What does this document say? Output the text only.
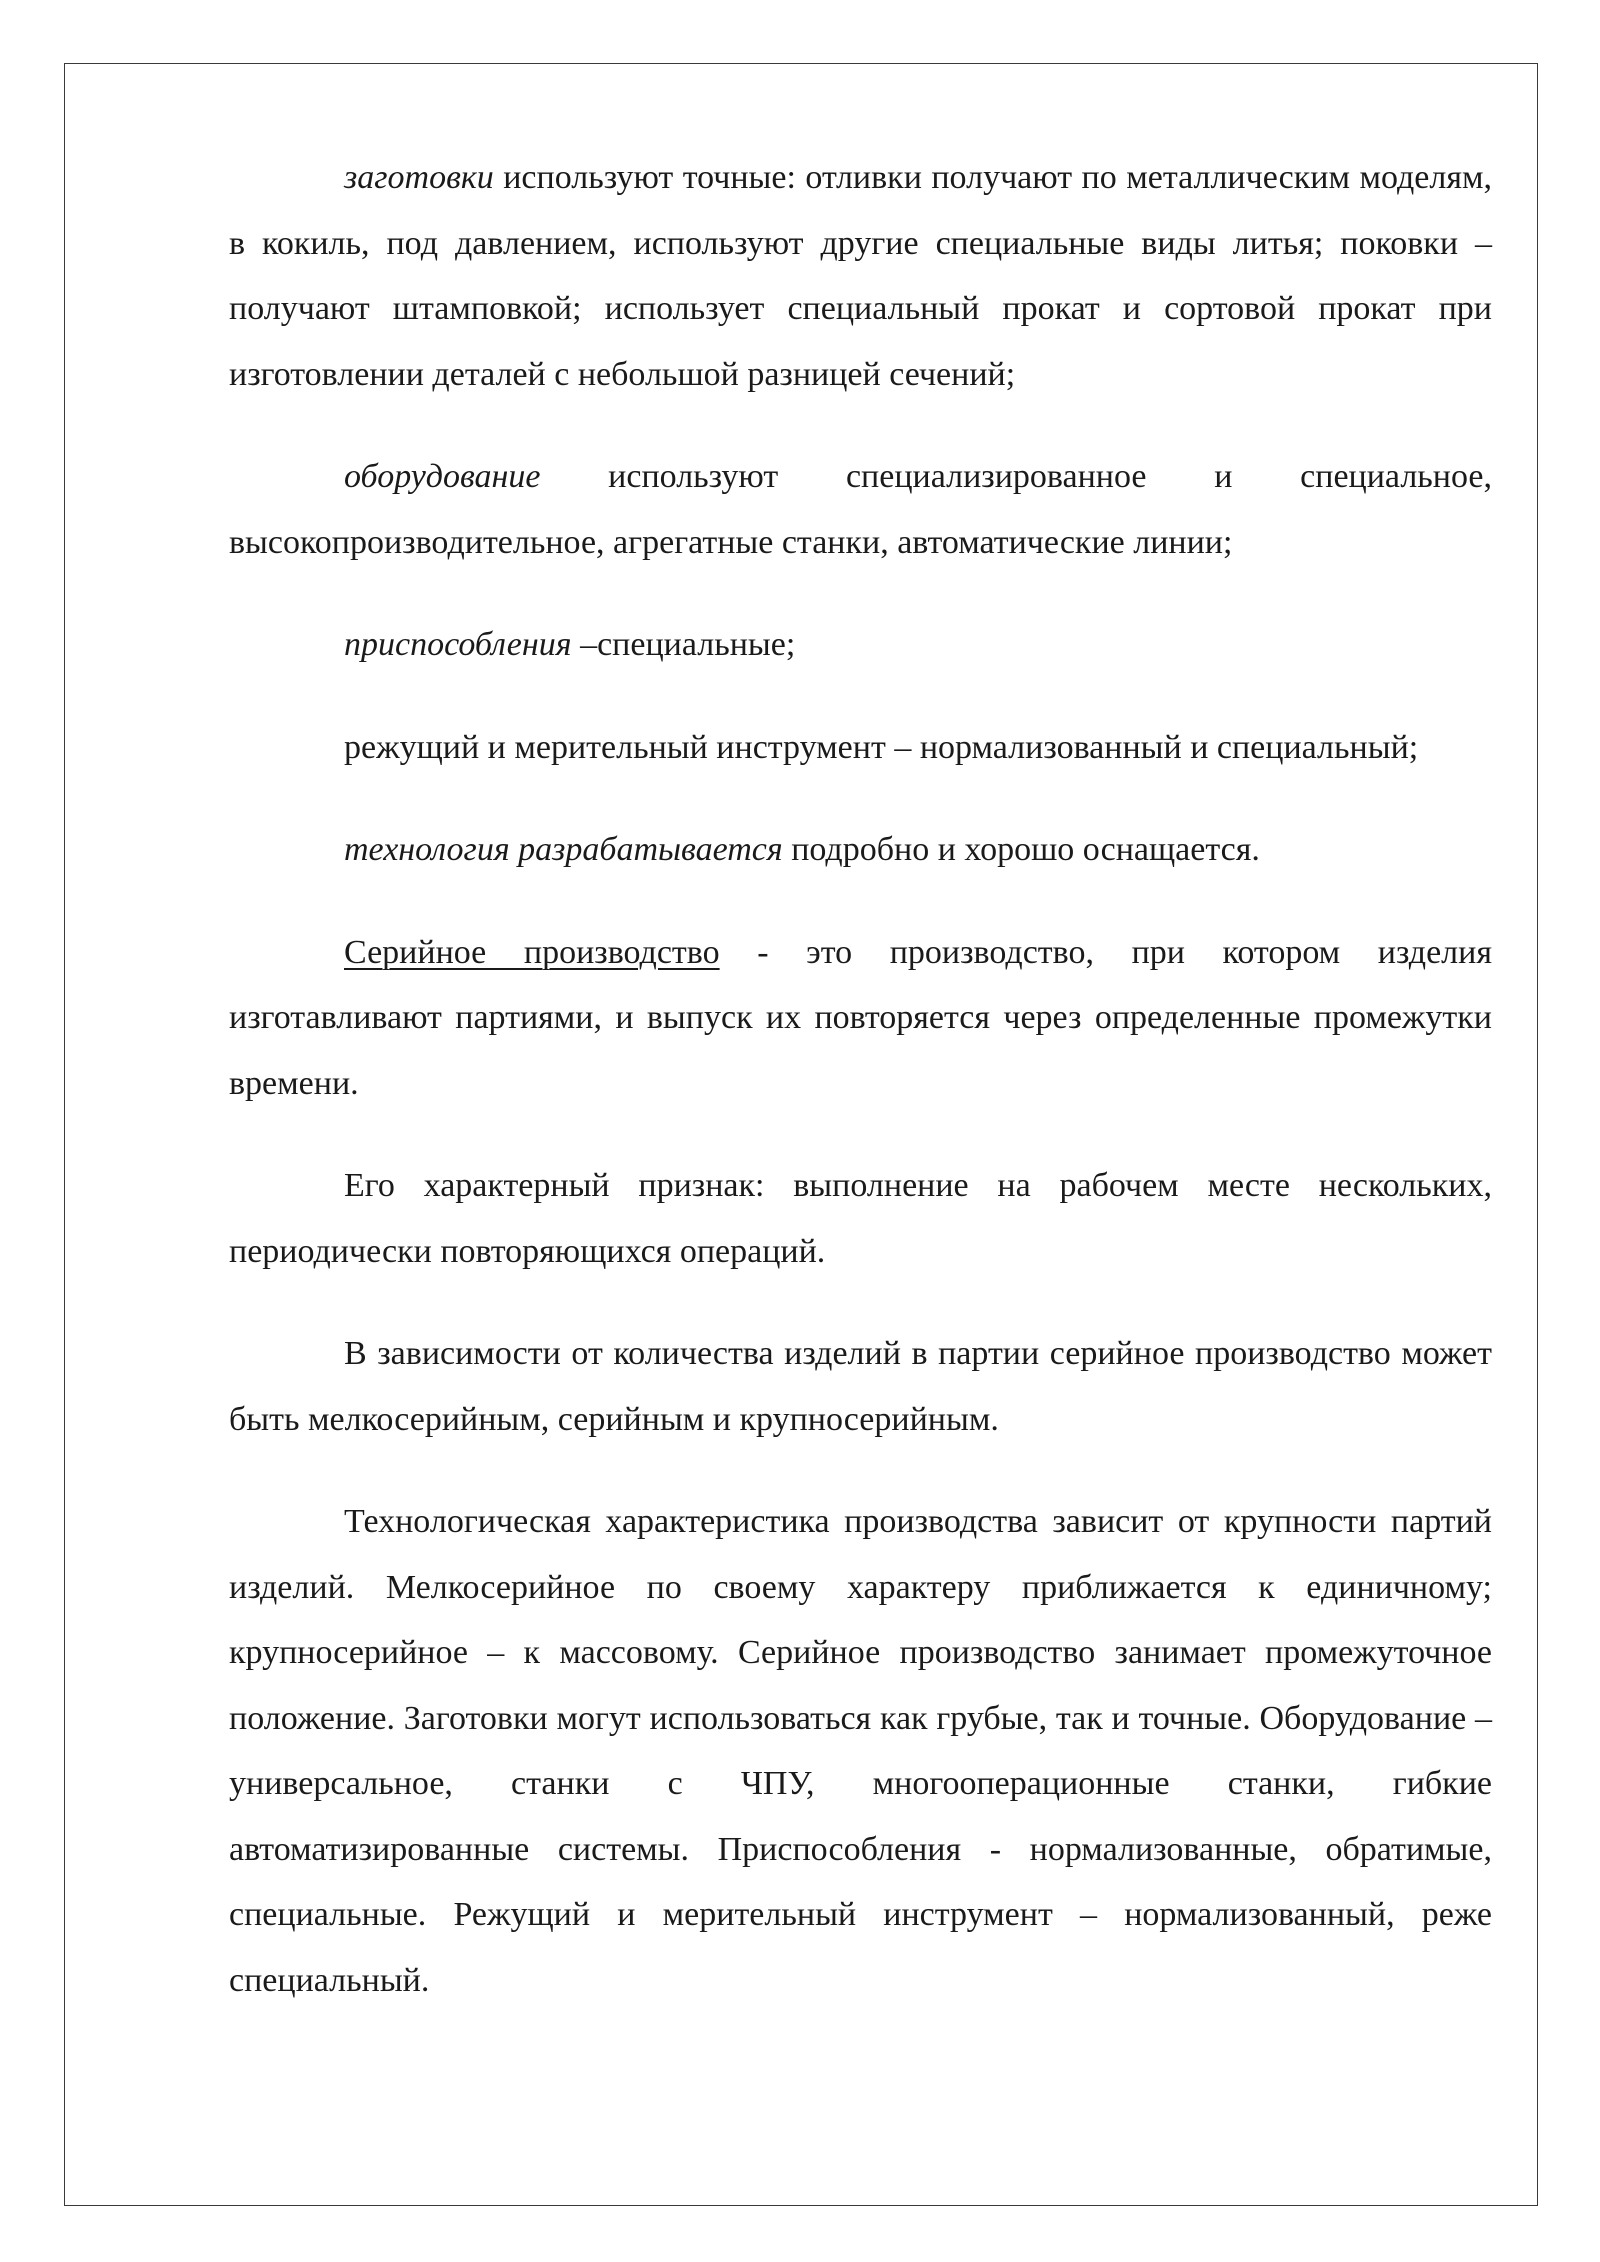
заготовки используют точные: отливки получают по металлическим моделям, в кокиль, под давлением, используют другие специальные виды литья; поковки – получают штамповкой; использует специальный прокат и сортовой прокат при изготовлении деталей с небольшой разницей сечений;

оборудование используют специализированное и специальное, высокопроизводительное, агрегатные станки, автоматические линии;

приспособления –специальные;

режущий и мерительный инструмент – нормализованный и специальный;

технология разрабатывается подробно и хорошо оснащается.

Серийное производство - это производство, при котором изделия изготавливают партиями, и выпуск их повторяется через определенные промежутки времени.

Его характерный признак: выполнение на рабочем месте нескольких, периодически повторяющихся операций.

В зависимости от количества изделий в партии серийное производство может быть мелкосерийным, серийным и крупносерийным.

Технологическая характеристика производства зависит от крупности партий изделий. Мелкосерийное по своему характеру приближается к единичному; крупносерийное – к массовому. Серийное производство занимает промежуточное положение. Заготовки могут использоваться как грубые, так и точные. Оборудование – универсальное, станки с ЧПУ, многооперационные станки, гибкие автоматизированные системы. Приспособления - нормализованные, обратимые, специальные. Режущий и мерительный инструмент – нормализованный, реже специальный.
